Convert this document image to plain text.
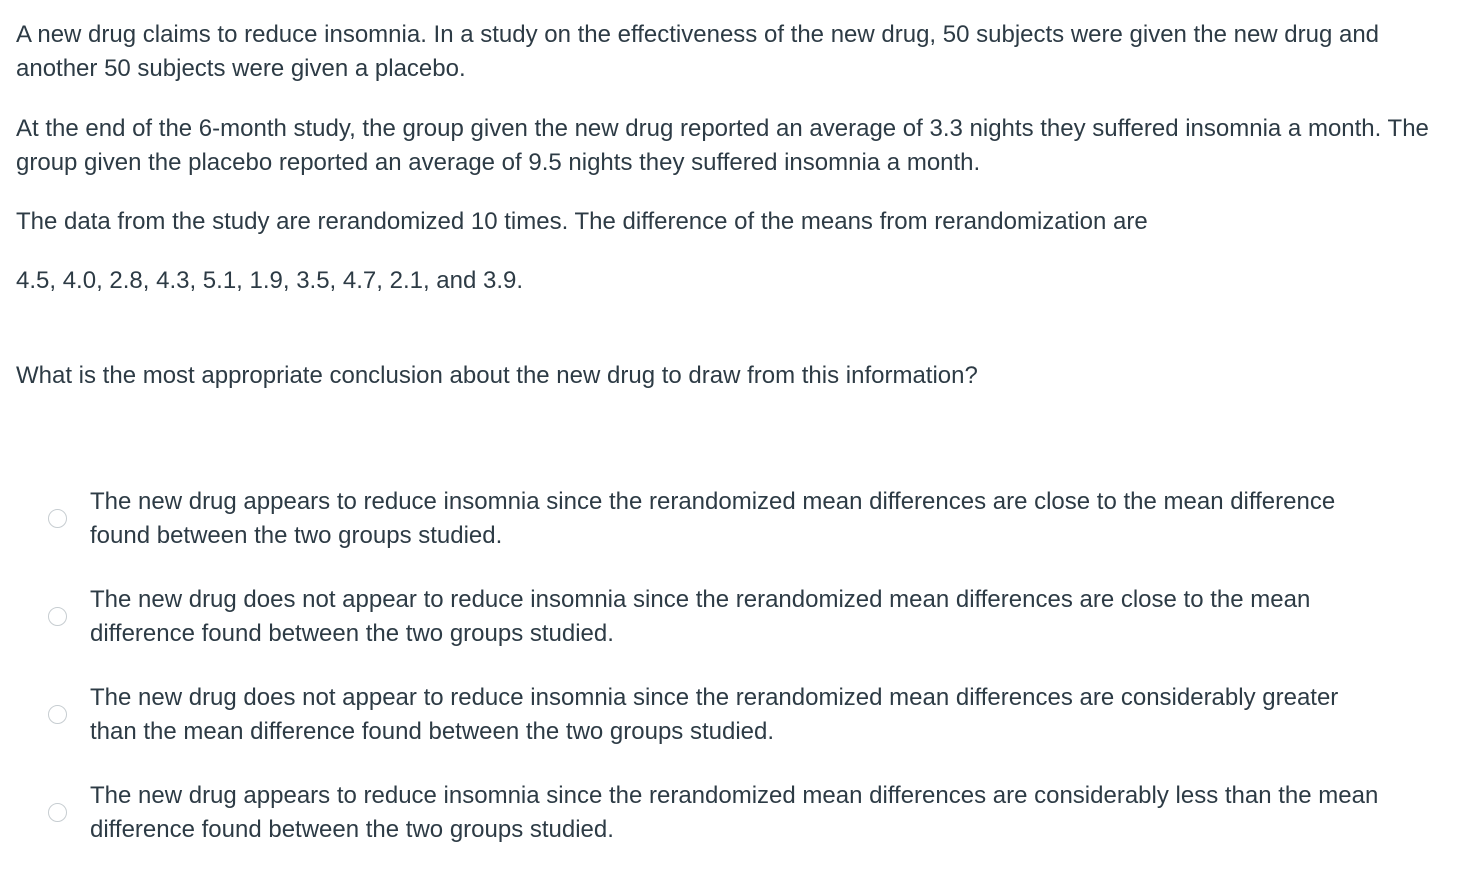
A new drug claims to reduce insomnia. In a study on the effectiveness of the new drug, 50 subjects were given the new drug and another 50 subjects were given a placebo.

At the end of the 6-month study, the group given the new drug reported an average of 3.3 nights they suffered insomnia a month. The group given the placebo reported an average of 9.5 nights they suffered insomnia a month.

The data from the study are rerandomized 10 times. The difference of the means from rerandomization are

4.5, 4.0, 2.8, 4.3, 5.1, 1.9, 3.5, 4.7, 2.1, and 3.9.

What is the most appropriate conclusion about the new drug to draw from this information?

The new drug appears to reduce insomnia since the rerandomized mean differences are close to the mean difference found between the two groups studied.
The new drug does not appear to reduce insomnia since the rerandomized mean differences are close to the mean difference found between the two groups studied.
The new drug does not appear to reduce insomnia since the rerandomized mean differences are considerably greater than the mean difference found between the two groups studied.
The new drug appears to reduce insomnia since the rerandomized mean differences are considerably less than the mean difference found between the two groups studied.
